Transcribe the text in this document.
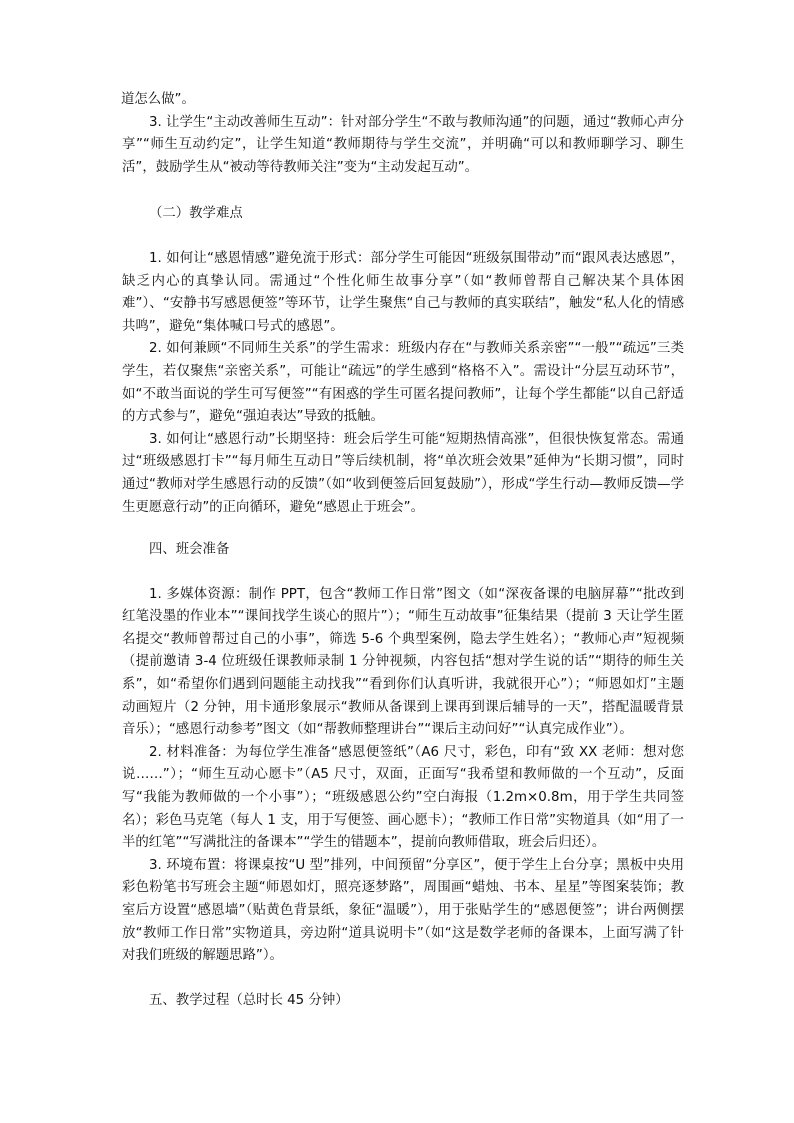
道怎么做”。

3. 让学生“主动改善师生互动”：针对部分学生“不敢与教师沟通”的问题，通过“教师心声分享”“师生互动约定”，让学生知道“教师期待与学生交流”，并明确“可以和教师聊学习、聊生活”，鼓励学生从“被动等待教师关注”变为“主动发起互动”。

（二）教学难点

1. 如何让“感恩情感”避免流于形式：部分学生可能因“班级氛围带动”而“跟风表达感恩”，缺乏内心的真挚认同。需通过“个性化师生故事分享”（如“教师曾帮自己解决某个具体困难”）、“安静书写感恩便签”等环节，让学生聚焦“自己与教师的真实联结”，触发“私人化的情感共鸣”，避免“集体喊口号式的感恩”。

2. 如何兼顾“不同师生关系”的学生需求：班级内存在“与教师关系亲密”“一般”“疏远”三类学生，若仅聚焦“亲密关系”，可能让“疏远”的学生感到“格格不入”。需设计“分层互动环节”，如“不敢当面说的学生可写便签”“有困惑的学生可匿名提问教师”，让每个学生都能“以自己舒适的方式参与”，避免“强迫表达”导致的抵触。

3. 如何让“感恩行动”长期坚持：班会后学生可能“短期热情高涨”，但很快恢复常态。需通过“班级感恩打卡”“每月师生互动日”等后续机制，将“单次班会效果”延伸为“长期习惯”，同时通过“教师对学生感恩行动的反馈”（如“收到便签后回复鼓励”），形成“学生行动—教师反馈—学生更愿意行动”的正向循环，避免“感恩止于班会”。

四、班会准备

1. 多媒体资源：制作 PPT，包含“教师工作日常”图文（如“深夜备课的电脑屏幕”“批改到红笔没墨的作业本”“课间找学生谈心的照片”）；“师生互动故事”征集结果（提前 3 天让学生匿名提交“教师曾帮过自己的小事”，筛选 5-6 个典型案例，隐去学生姓名）；“教师心声”短视频（提前邀请 3-4 位班级任课教师录制 1 分钟视频，内容包括“想对学生说的话”“期待的师生关系”，如“希望你们遇到问题能主动找我”“看到你们认真听讲，我就很开心”）；“师恩如灯”主题动画短片（2 分钟，用卡通形象展示“教师从备课到上课再到课后辅导的一天”，搭配温暖背景音乐）；“感恩行动参考”图文（如“帮教师整理讲台”“课后主动问好”“认真完成作业”）。

2. 材料准备：为每位学生准备“感恩便签纸”（A6 尺寸，彩色，印有“致 XX 老师：想对您说……”）；“师生互动心愿卡”（A5 尺寸，双面，正面写“我希望和教师做的一个互动”，反面写“我能为教师做的一个小事”）；“班级感恩公约”空白海报（1.2m×0.8m，用于学生共同签名）；彩色马克笔（每人 1 支，用于写便签、画心愿卡）；“教师工作日常”实物道具（如“用了一半的红笔”“写满批注的备课本”“学生的错题本”，提前向教师借取，班会后归还）。

3. 环境布置：将课桌按“U 型”排列，中间预留“分享区”，便于学生上台分享；黑板中央用彩色粉笔书写班会主题“师恩如灯，照亮逐梦路”，周围画“蜡烛、书本、星星”等图案装饰；教室后方设置“感恩墙”（贴黄色背景纸，象征“温暖”），用于张贴学生的“感恩便签”；讲台两侧摆放“教师工作日常”实物道具，旁边附“道具说明卡”（如“这是数学老师的备课本，上面写满了针对我们班级的解题思路”）。

五、教学过程（总时长 45 分钟）
